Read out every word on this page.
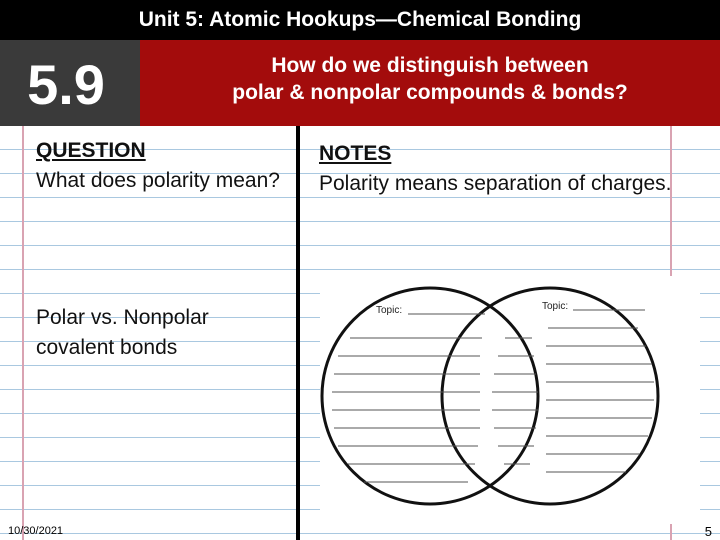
Unit 5: Atomic Hookups—Chemical Bonding
5.9	How do we distinguish between
polar & nonpolar compounds & bonds?
QUESTION
What does polarity mean?
Polar vs. Nonpolar covalent bonds
NOTES
Polarity means separation of charges.
Topic:	Topic:
10/30/2021	5
